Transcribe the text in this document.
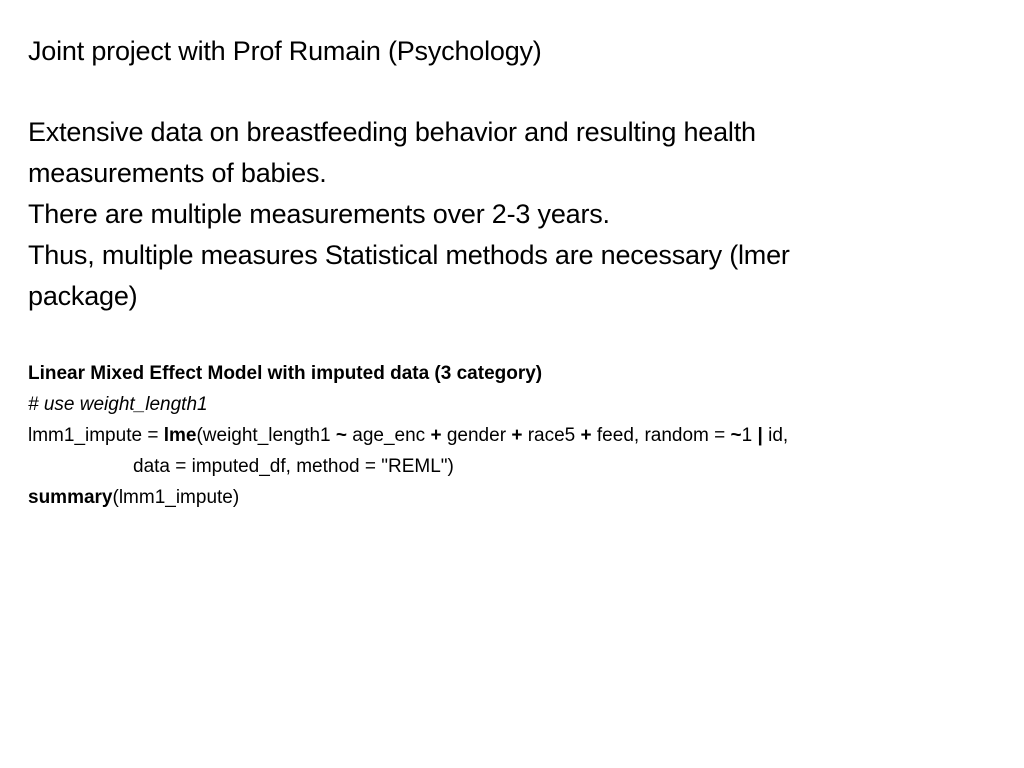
Joint project with Prof Rumain (Psychology)
Extensive data on breastfeeding behavior and resulting health
measurements of babies.
There are multiple measurements over 2-3 years.
Thus, multiple measures Statistical methods are necessary (lmer
package)
Linear Mixed Effect Model with imputed data (3 category)
# use weight_length1
lmm1_impute = lme(weight_length1 ~ age_enc + gender + race5 + feed, random = ~1 | id,
data = imputed_df, method = "REML")
summary(lmm1_impute)
